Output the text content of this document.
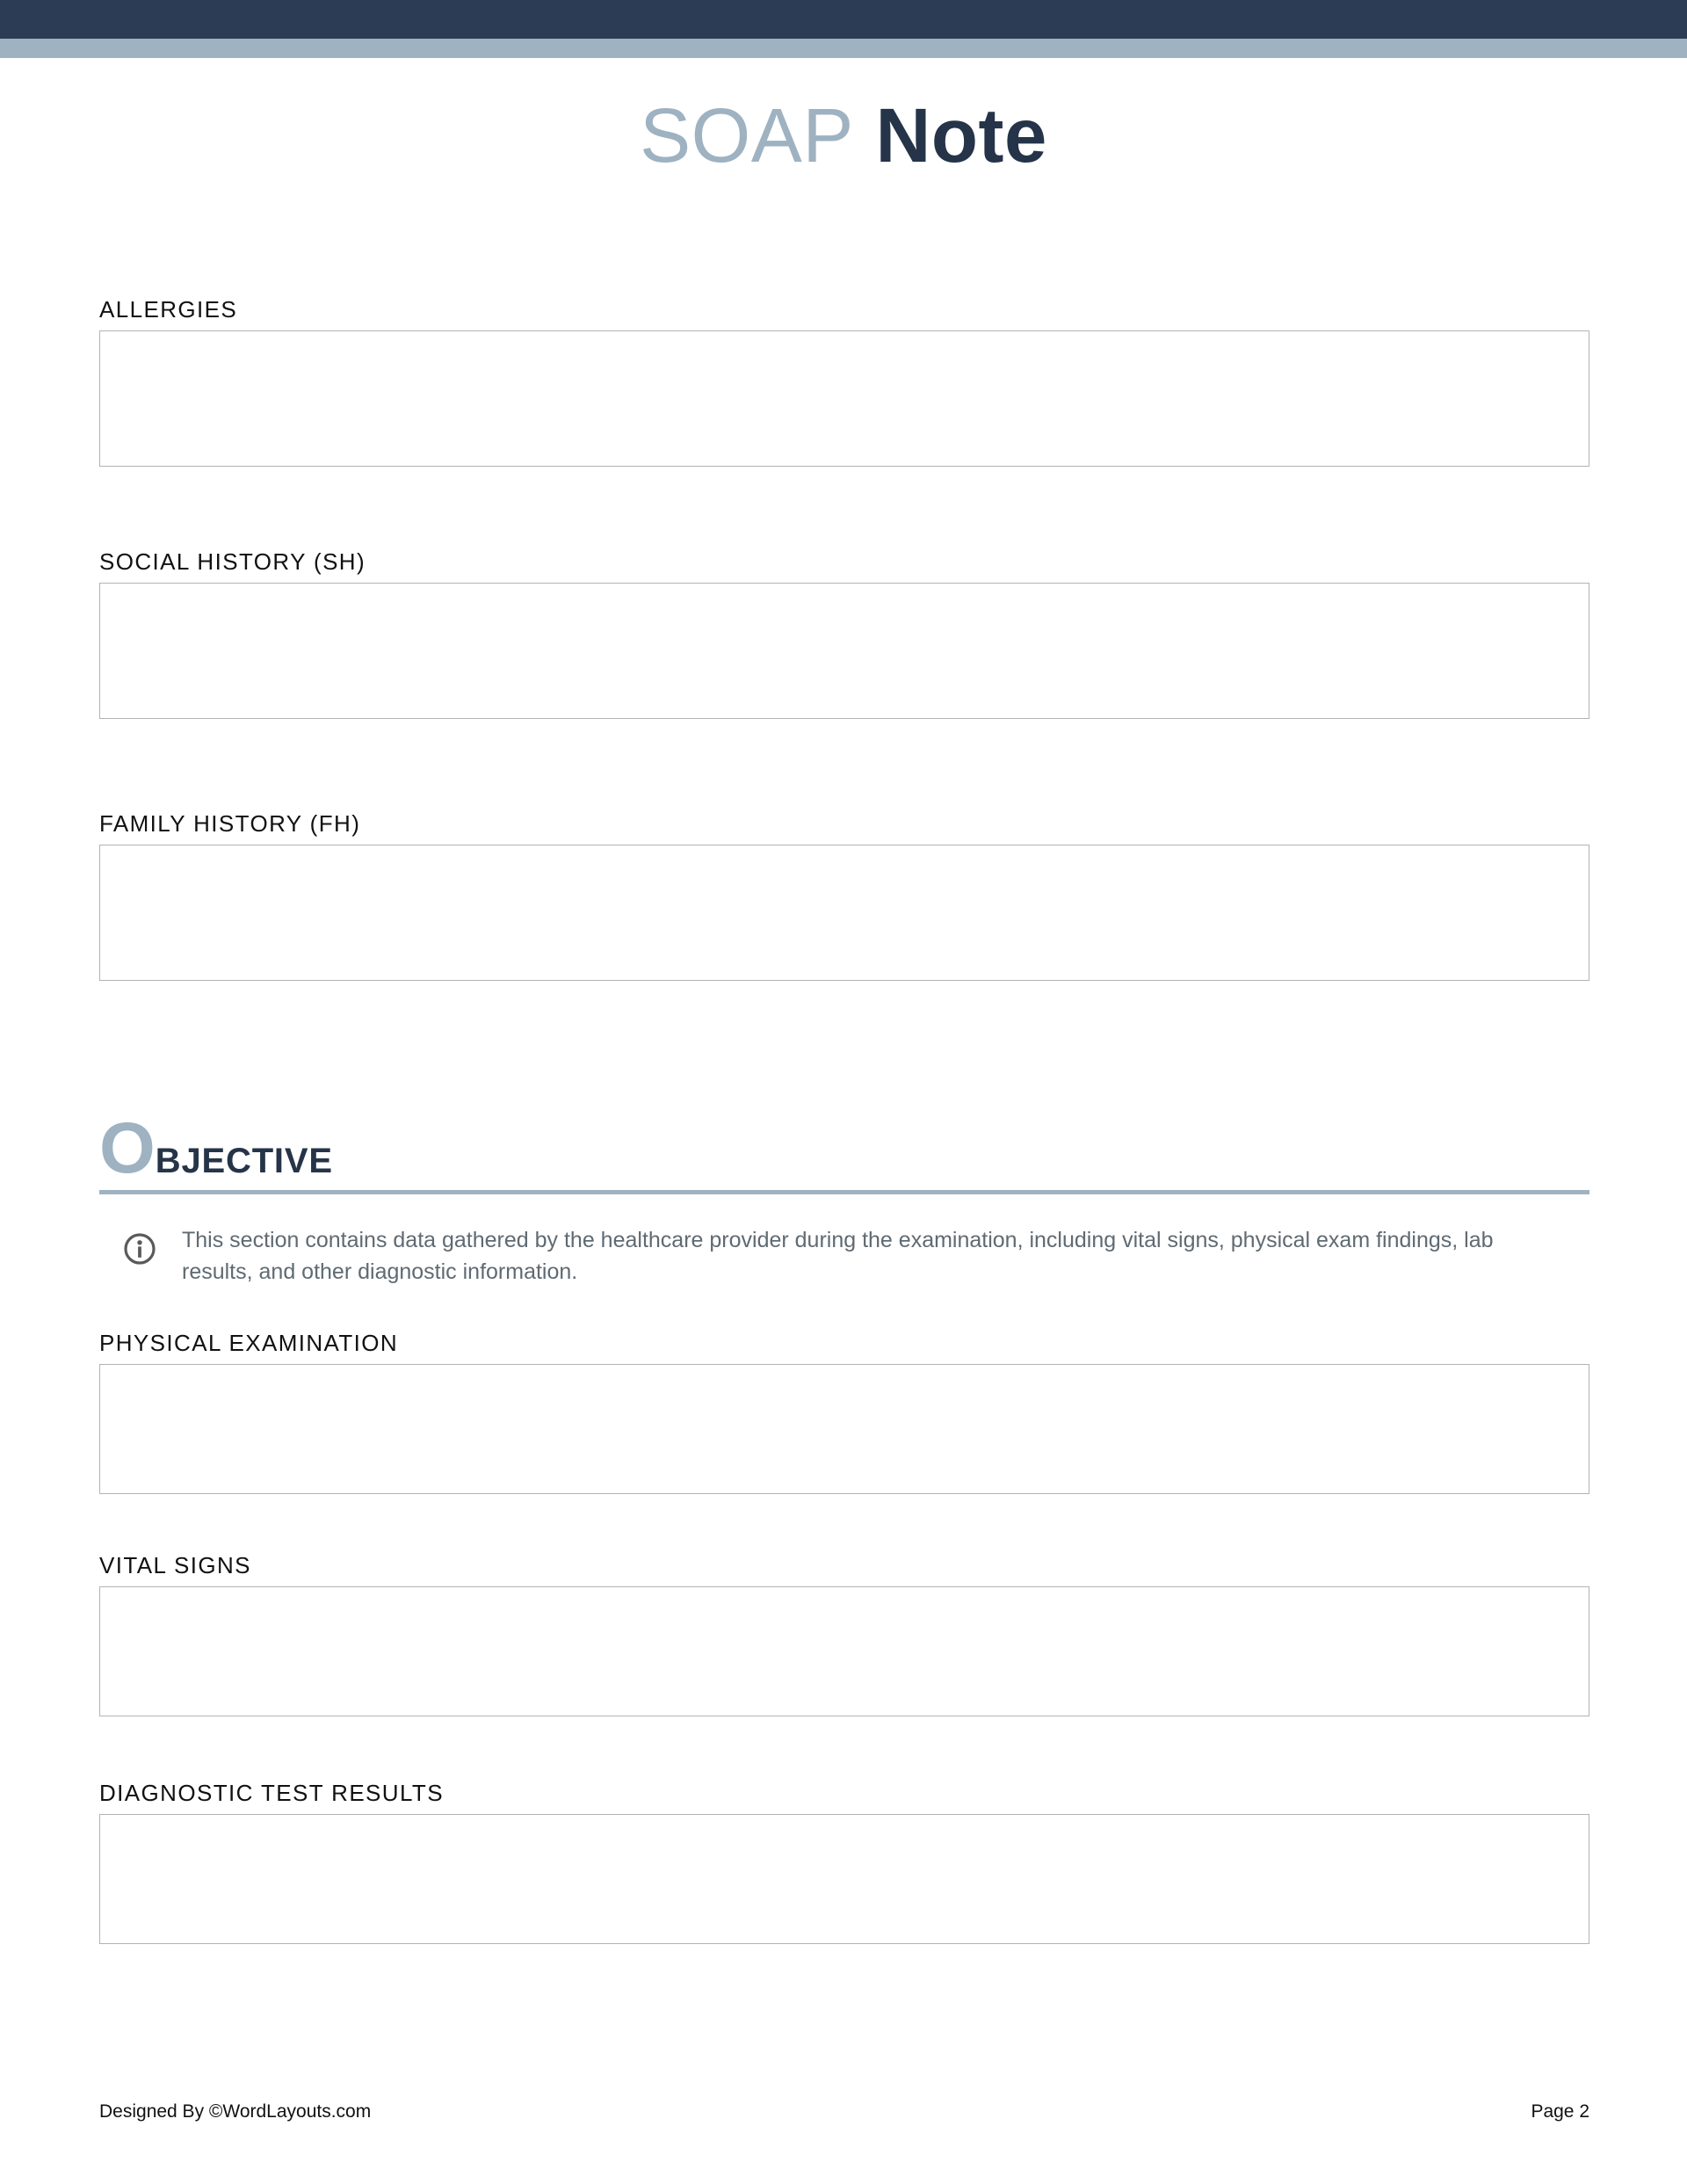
SOAP Note
ALLERGIES
SOCIAL HISTORY (SH)
FAMILY HISTORY (FH)
O BJECTIVE
This section contains data gathered by the healthcare provider during the examination, including vital signs, physical exam findings, lab results, and other diagnostic information.
PHYSICAL EXAMINATION
VITAL SIGNS
DIAGNOSTIC TEST RESULTS
Designed By ©WordLayouts.com	Page 2
